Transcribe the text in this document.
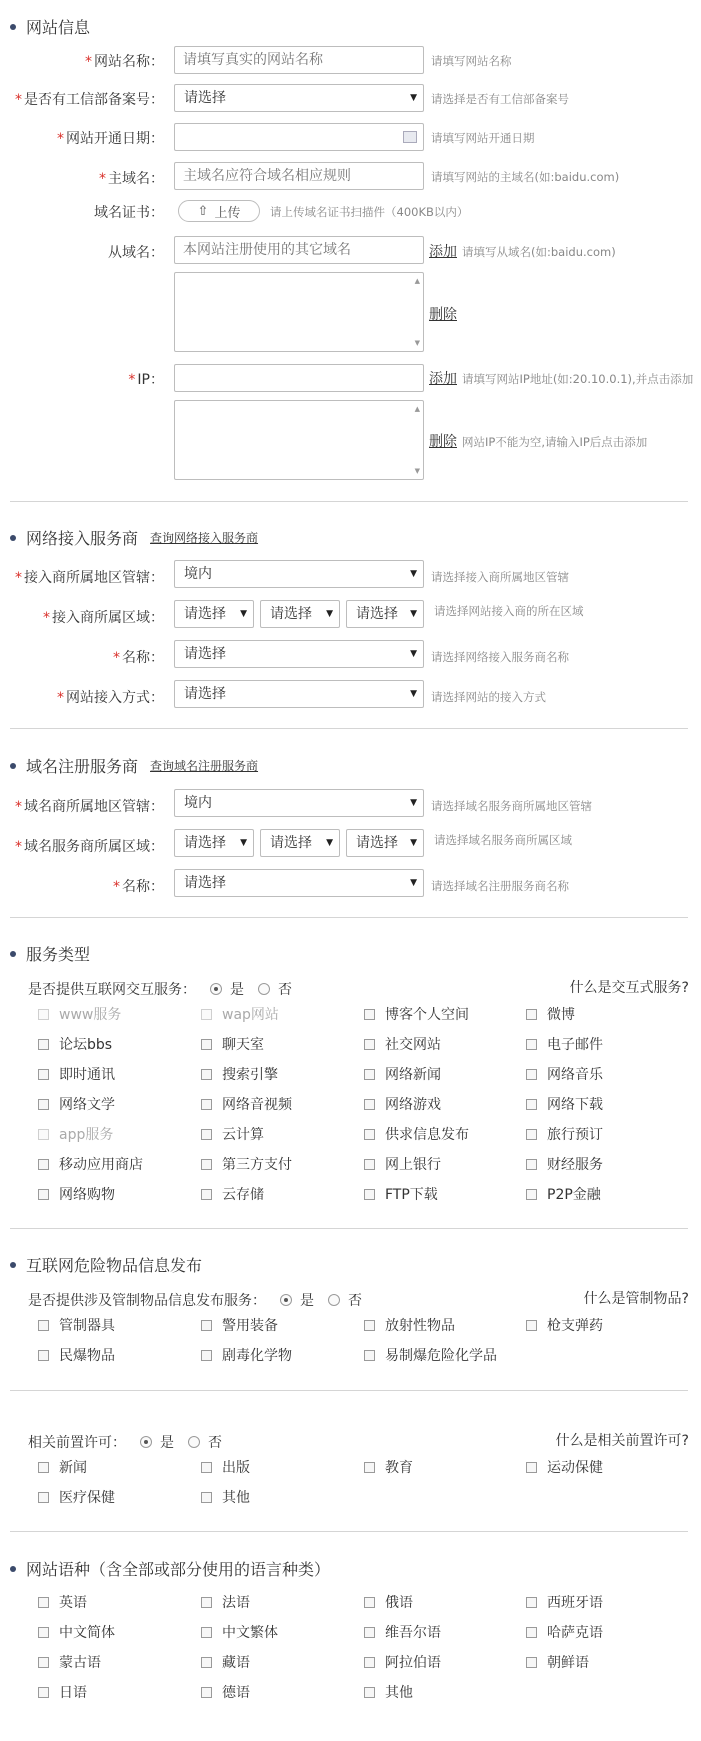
网站信息
* 网站名称：
请填写真实的网站名称	请填写网站名称
* 是否有工信部备案号：	请选择	▼ 请选择是否有工信部备案号
* 网站开通日期：	请填写网站开通日期
* 主域名：
主域名应符合域名相应规则	请填写网站的主域名(如:baidu.com)
域名证书：	⇧ 上传	请上传域名证书扫描件（400KB以内）
从域名：
本网站注册使用的其它域名	添加 请填写从域名(如:baidu.com)
▲
▼
删除
* IP：	添加 请填写网站IP地址(如:20.10.0.1),并点击添加
▲
▼
删除 网站IP不能为空,请输入IP后点击添加
网络接入服务商 查询网络接入服务商
* 接入商所属地区管辖：	境内	▼ 请选择接入商所属地区管辖
* 接入商所属区域：	请选择 ▼	请选择 ▼	请选择 ▼ 请选择网站接入商的所在区域
* 名称：	请选择	▼ 请选择网络接入服务商名称
* 网站接入方式：	请选择	▼ 请选择网站的接入方式
域名注册服务商 查询域名注册服务商
* 域名商所属地区管辖：	境内	▼ 请选择域名服务商所属地区管辖
* 域名服务商所属区域：	请选择 ▼	请选择 ▼	请选择 ▼ 请选择域名服务商所属区域
* 名称：	请选择	▼ 请选择域名注册服务商名称
服务类型
是否提供互联网交互服务： 是 否	什么是交互式服务?
www服务	wap网站	博客个人空间	微博
论坛bbs	聊天室	社交网站	电子邮件
即时通讯	搜索引擎	网络新闻	网络音乐
网络文学	网络音视频	网络游戏	网络下载
app服务	云计算	供求信息发布	旅行预订
移动应用商店	第三方支付	网上银行	财经服务
网络购物	云存储	FTP下载	P2P金融
互联网危险物品信息发布
是否提供涉及管制物品信息发布服务： 是 否	什么是管制物品?
管制器具	警用装备	放射性物品	枪支弹药
民爆物品	剧毒化学物	易制爆危险化学品
相关前置许可： 是 否	什么是相关前置许可?
新闻	出版	教育	运动保健
医疗保健	其他
网站语种（含全部或部分使用的语言种类）
英语	法语	俄语	西班牙语
中文简体	中文繁体	维吾尔语	哈萨克语
蒙古语	藏语	阿拉伯语	朝鲜语
日语	德语	其他
